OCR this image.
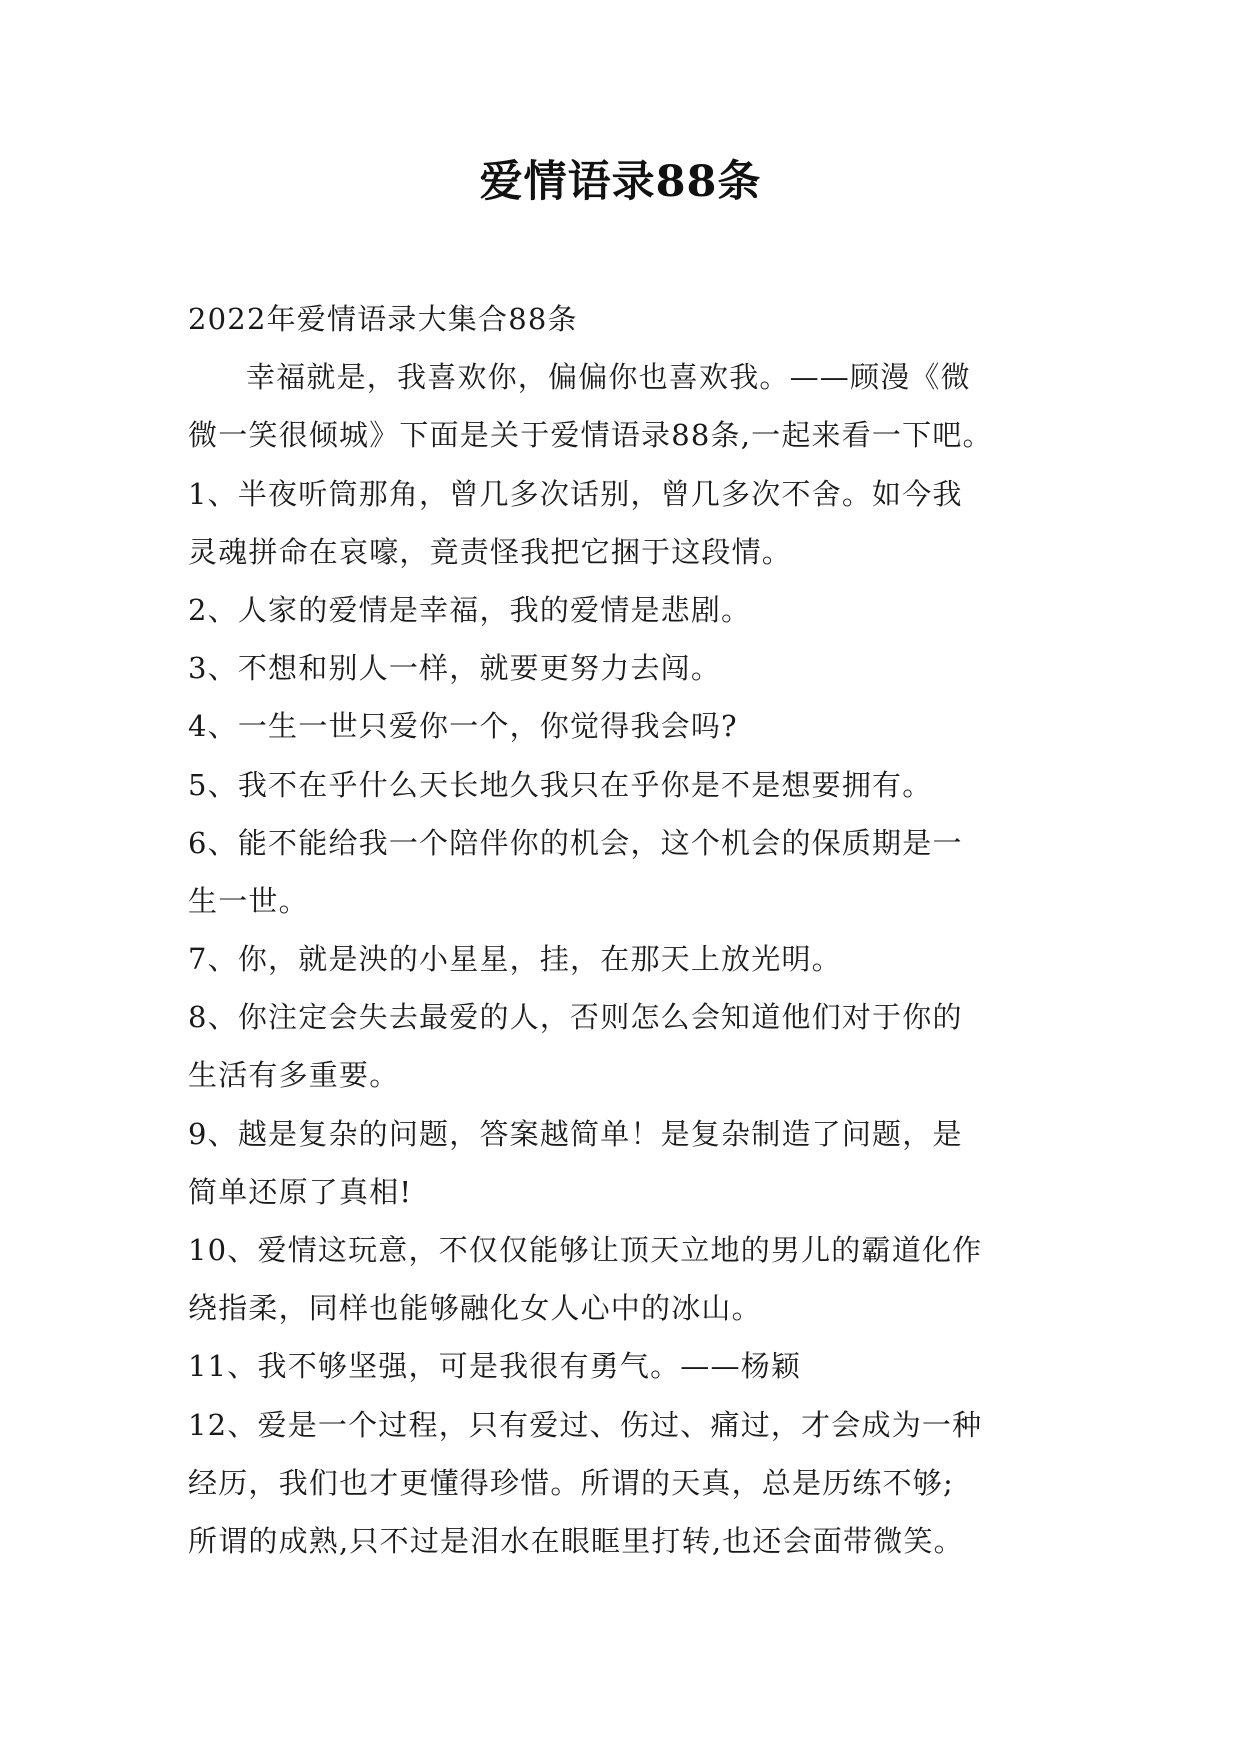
爱情语录88条
2022年爱情语录大集合88条
幸福就是，我喜欢你，偏偏你也喜欢我。——顾漫《微
微一笑很倾城》下面是关于爱情语录88条,一起来看一下吧。
1、半夜听筒那角，曾几多次话别，曾几多次不舍。如今我
灵魂拼命在哀嚎，竟责怪我把它捆于这段情。
2、人家的爱情是幸福，我的爱情是悲剧。
3、不想和别人一样，就要更努力去闯。
4、一生一世只爱你一个，你觉得我会吗?
5、我不在乎什么天长地久我只在乎你是不是想要拥有。
6、能不能给我一个陪伴你的机会，这个机会的保质期是一
生一世。
7、你，就是泱的小星星，挂，在那天上放光明。
8、你注定会失去最爱的人，否则怎么会知道他们对于你的
生活有多重要。
9、越是复杂的问题，答案越简单！是复杂制造了问题，是
简单还原了真相!
10、爱情这玩意，不仅仅能够让顶天立地的男儿的霸道化作
绕指柔，同样也能够融化女人心中的冰山。
11、我不够坚强，可是我很有勇气。——杨颖
12、爱是一个过程，只有爱过、伤过、痛过，才会成为一种
经历，我们也才更懂得珍惜。所谓的天真，总是历练不够;
所谓的成熟,只不过是泪水在眼眶里打转,也还会面带微笑。
